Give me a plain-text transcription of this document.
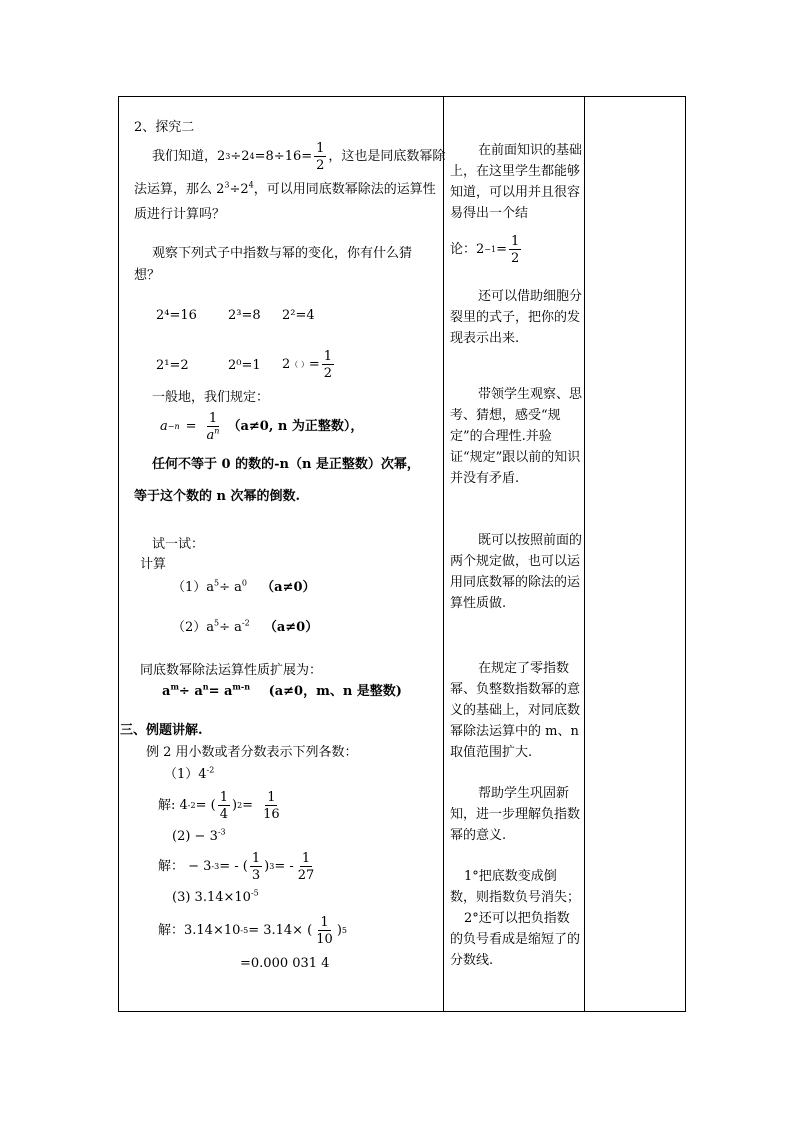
2、探究二
我们知道，2 3 ÷2 $4 =8\div 16= \frac{1}{2}$ ，这也是同底数幂除
法运算，那么 $2^3\div 2^4$，可以用同底数幂除法的运算性
质进行计算吗？
观察下列式子中指数与幂的变化，你有什么猜
想？
2⁴=16 2³=8 2²=4
2¹=2	2⁰=1 2 （ ） = $\frac{1}{2}$
一般地，我们规定：
$a -n = \frac{1}{a^n} (a\ne 0$, n 为正整数），
任何不等于 0 的数的-n（n 是正整数）次幂，
等于这个数的 n 次幂的倒数.
试一试：
计算
$(1)a^5\div a^0$ （a≠0）
$(2)a^5\div a^{-2}$ （a≠0）
同底数幂除法运算性质扩展为：
$a^m\div a^n= a^{m-n}$ (a≠0，m、n 是整数)
三、例题讲解.
例 2 用小数或者分数表示下列各数：
$(1)4^{-2}$
解: 4 -2 = ( $\frac{1}{4}$ ) $2 = \frac{1}{16}$
$(2) - 3^{-3}$
解： − 3 -3 = - ( $\frac{1}{3}$ ) 3 = - $\frac{1}{27}$
(3) $3.14\times 10^{-5}$
解：3.14×10 -5 = 3.14× ( $\frac{1}{10}$ ) 5
=0.000 031 4
在前面知识的基础上，在这里学生都能够知道，可以用并且很容易得出一个结
论：$2 -1 = \frac{1}{2}$
还可以借助细胞分裂里的式子，把你的发现表示出来.
带领学生观察、思考、猜想，感受“规定”的合理性.并验证“规定”跟以前的知识并没有矛盾.
既可以按照前面的两个规定做，也可以运用同底数幂的除法的运算性质做.
在规定了零指数幂、负整数指数幂的意义的基础上，对同底数幂除法运算中的 m、n 取值范围扩大.
帮助学生巩固新知，进一步理解负指数幂的意义.
1°把底数变成倒数，则指数负号消失；
2°还可以把负指数的负号看成是缩短了的分数线.
